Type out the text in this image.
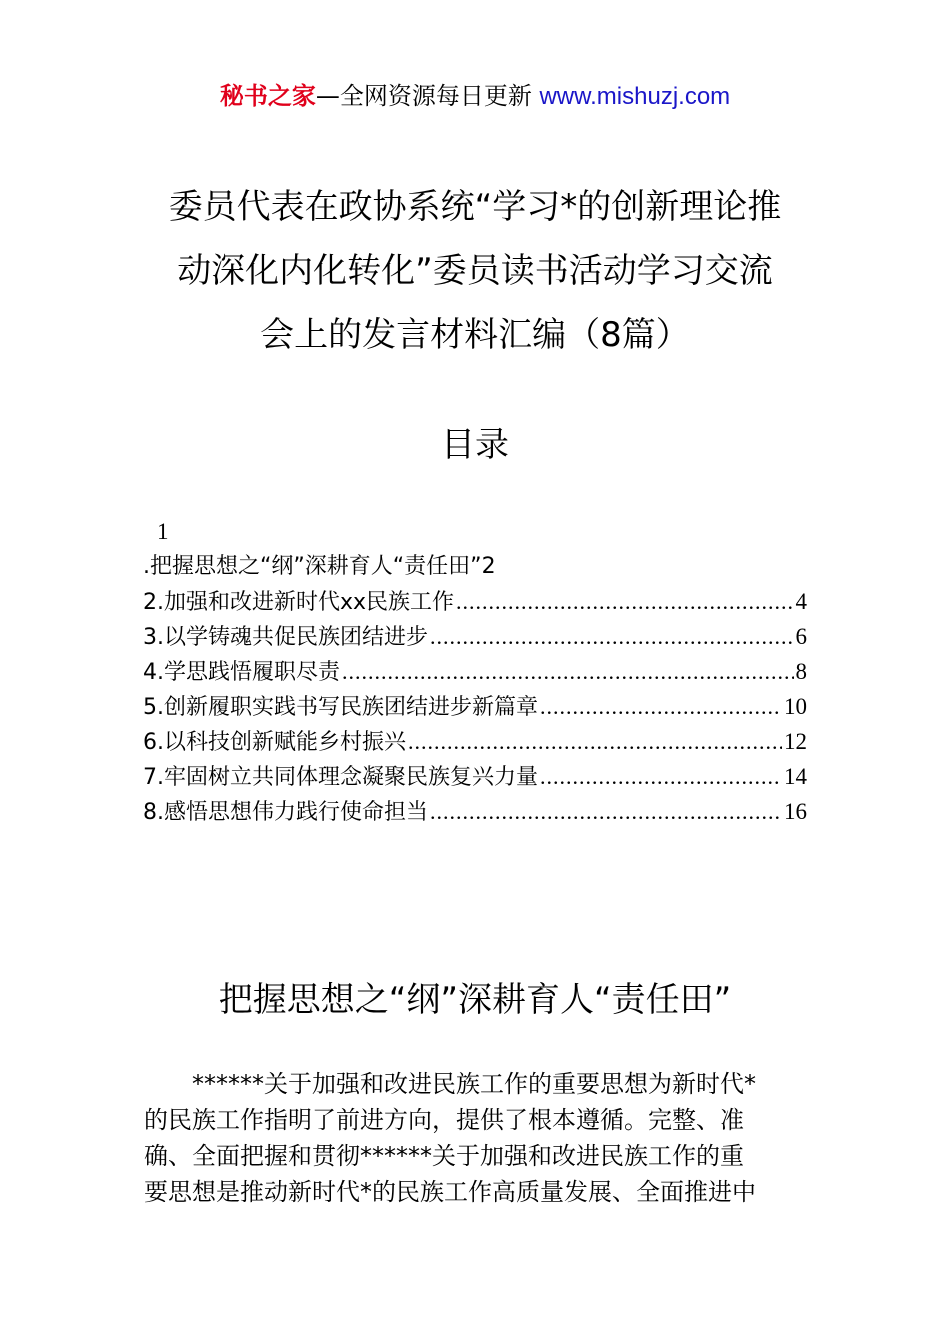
秘书之家—全网资源每日更新 www.mishuzj.com
委员代表在政协系统“学习*的创新理论推
动深化内化转化”委员读书活动学习交流
会上的发言材料汇编（8篇）
目录
1
.把握思想之“纲”深耕育人“责任田” 2
2.加强和改进新时代xx民族工作 .....	4
3.以学铸魂共促民族团结进步 .....	6
4.学思践悟履职尽责 .....	8
5.创新履职实践书写民族团结进步新篇章 .....	10
6.以科技创新赋能乡村振兴 .....	12
7.牢固树立共同体理念凝聚民族复兴力量 .....	14
8.感悟思想伟力践行使命担当 .....	16
把握思想之“纲”深耕育人“责任田”
******关于加强和改进民族工作的重要思想为新时代*
的民族工作指明了前进方向，提供了根本遵循。完整、准
确、全面把握和贯彻******关于加强和改进民族工作的重
要思想是推动新时代*的民族工作高质量发展、全面推进中
